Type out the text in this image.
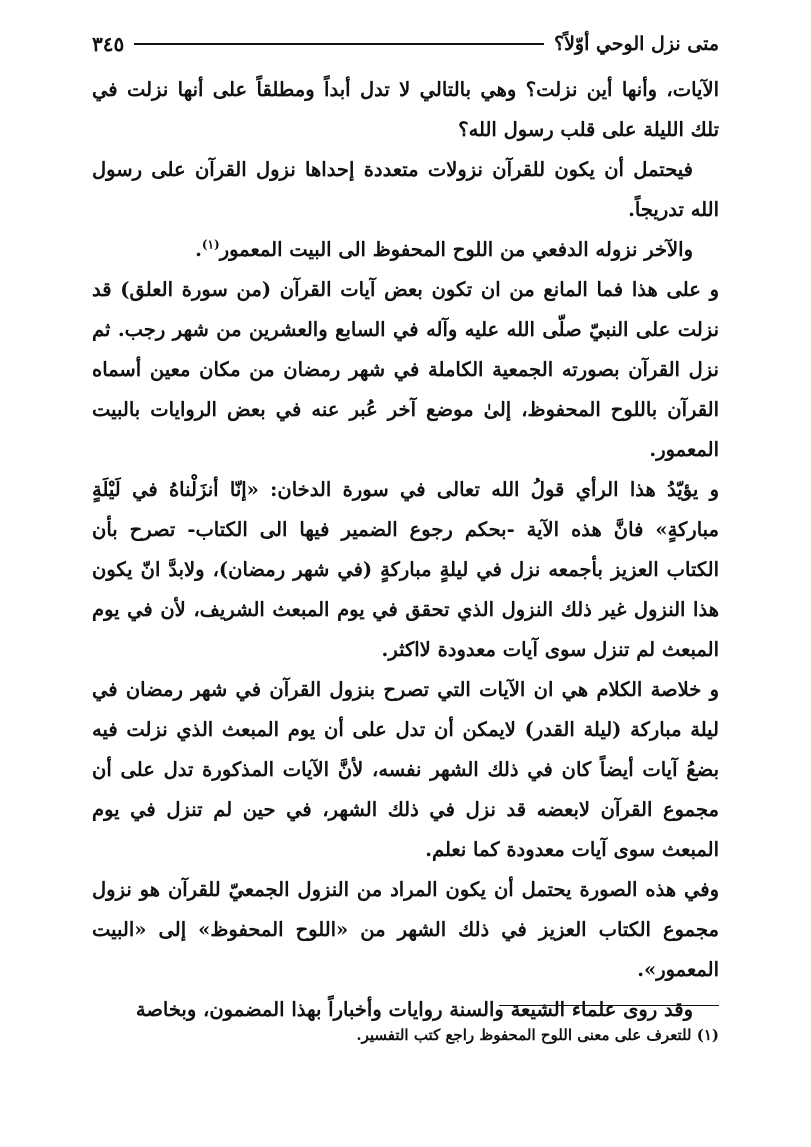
متى نزل الوحي أوّلاً؟
٣٤٥

الآيات، وأنها أين نزلت؟ وهي بالتالي لا تدل أبداً ومطلقاً على أنها نزلت في تلك الليلة على قلب رسول الله؟

فيحتمل أن يكون للقرآن نزولات متعددة إحداها نزول القرآن على رسول الله تدريجاً.

والآخر نزوله الدفعي من اللوح المحفوظ الى البيت المعمور$^{(١)}$.

و على هذا فما المانع من ان تكون بعض آيات القرآن (من سورة العلق) قد نزلت على النبيّ صلّى الله عليه وآله في السابع والعشرين من شهر رجب. ثم نزل القرآن بصورته الجمعية الكاملة في شهر رمضان من مكان معين أسماه القرآن باللوح المحفوظ، إلىٰ موضع آخر عُبر عنه في بعض الروايات بالبيت المعمور.

و يؤيّدُ هذا الرأي قولُ الله تعالى في سورة الدخان: «إنّا أنزَلْناهُ في لَيْلَةٍ مباركةٍ» فانَّ هذه الآية -بحكم رجوع الضمير فيها الى الكتاب- تصرح بأن الكتاب العزيز بأجمعه نزل في ليلةٍ مباركةٍ (في شهر رمضان)، ولابدَّ انّ يكون هذا النزول غير ذلك النزول الذي تحقق في يوم المبعث الشريف، لأن في يوم المبعث لم تنزل سوى آيات معدودة لااكثر.

و خلاصة الكلام هي ان الآيات التي تصرح بنزول القرآن في شهر رمضان في ليلة مباركة (ليلة القدر) لايمكن أن تدل على أن يوم المبعث الذي نزلت فيه بضعُ آيات أيضاً كان في ذلك الشهر نفسه، لأنَّ الآيات المذكورة تدل على أن مجموع القرآن لابعضه قد نزل في ذلك الشهر، في حين لم تنزل في يوم المبعث سوى آيات معدودة كما نعلم.

وفي هذه الصورة يحتمل أن يكون المراد من النزول الجمعيّ للقرآن هو نزول مجموع الكتاب العزيز في ذلك الشهر من «اللوح المحفوظ» إلى «البيت المعمور».

وقد روى علماء الشيعة والسنة روايات وأخباراً بهذا المضمون، وبخاصة

(١) للتعرف على معنى اللوح المحفوظ راجع كتب التفسير.
